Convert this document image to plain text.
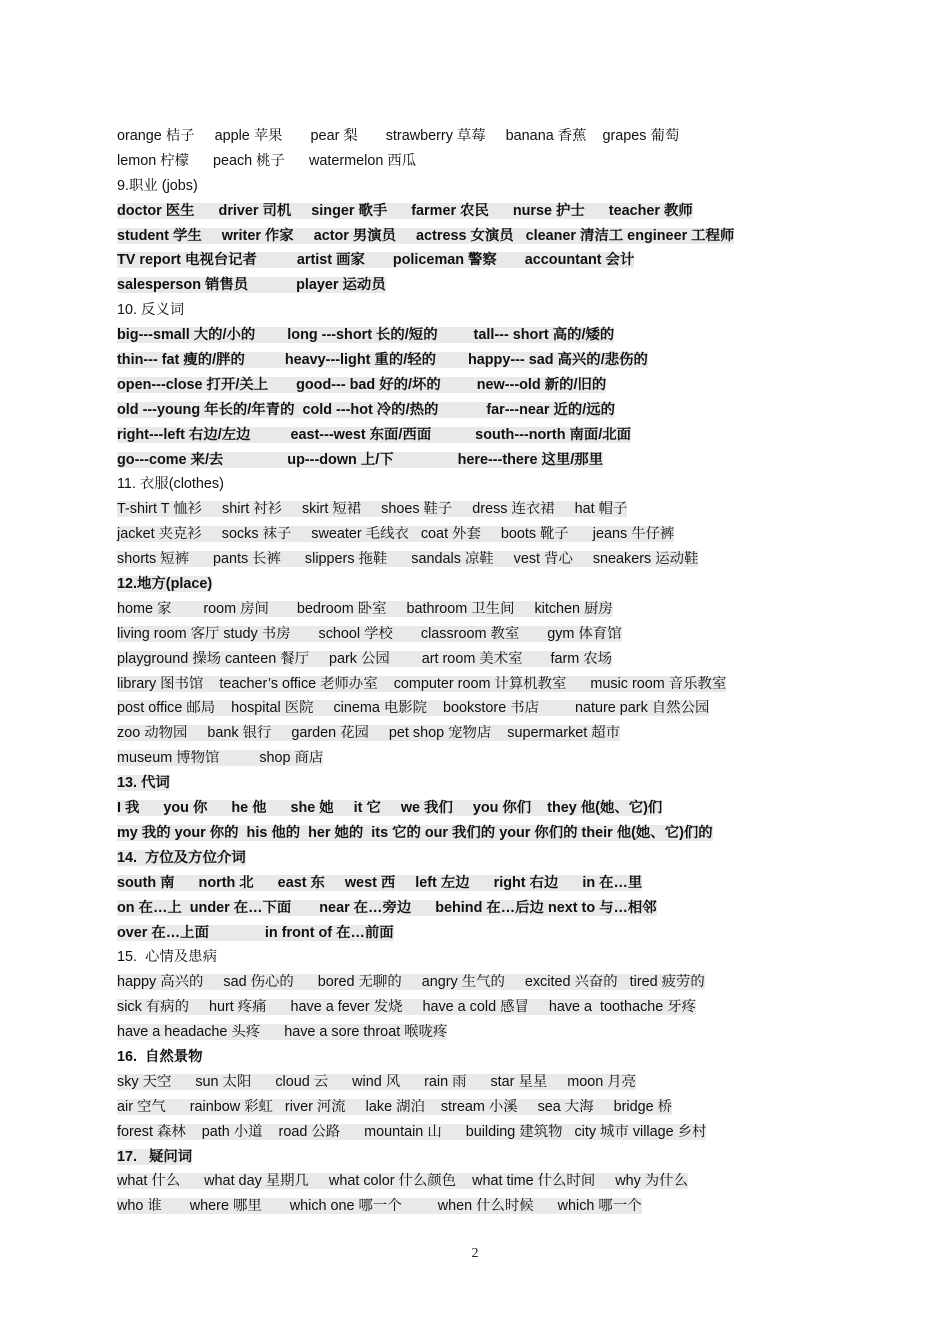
orange 桔子     apple 苹果       pear 梨       strawberry 草莓     banana 香蕉    grapes 葡萄
lemon 柠檬      peach 桃子      watermelon 西瓜
9.职业 (jobs)
doctor 医生      driver 司机     singer 歌手      farmer 农民      nurse 护士      teacher 教师
student 学生     writer 作家     actor 男演员     actress 女演员   cleaner 清洁工 engineer 工程师
TV report 电视台记者          artist 画家       policeman 警察       accountant 会计
salesperson 销售员            player 运动员
10. 反义词
big---small 大的/小的        long ---short 长的/短的         tall--- short 高的/矮的
thin--- fat 瘦的/胖的          heavy---light 重的/轻的        happy--- sad 高兴的/悲伤的
open---close 打开/关上       good--- bad 好的/坏的         new---old 新的/旧的
old ---young 年长的/年青的  cold ---hot 冷的/热的            far---near 近的/远的
right---left 右边/左边          east---west 东面/西面           south---north 南面/北面
go---come 来/去                up---down 上/下                here---there 这里/那里
11. 衣服(clothes)
T-shirt T 恤衫     shirt 衬衫     skirt 短裙     shoes 鞋子     dress 连衣裙     hat 帽子
jacket 夹克衫     socks 袜子     sweater 毛线衣   coat 外套     boots 靴子      jeans 牛仔裤
shorts 短裤      pants 长裤      slippers 拖鞋      sandals 凉鞋     vest 背心     sneakers 运动鞋
12.地方(place)
home 家        room 房间       bedroom 卧室     bathroom 卫生间     kitchen 厨房
living room 客厅 study 书房       school 学校       classroom 教室       gym 体育馆
playground 操场 canteen 餐厅     park 公园        art room 美术室       farm 农场
library 图书馆    teacher’s office 老师办室    computer room 计算机教室      music room 音乐教室
post office 邮局    hospital 医院     cinema 电影院    bookstore 书店         nature park 自然公园
zoo 动物园     bank 银行     garden 花园     pet shop 宠物店    supermarket 超市
museum 博物馆          shop 商店
13. 代词
I 我      you 你      he 他      she 她     it 它     we 我们     you 你们    they 他(她、它)们
my 我的 your 你的  his 他的  her 她的  its 它的 our 我们的 your 你们的 their 他(她、它)们的
14.  方位及方位介词
south 南      north 北      east 东     west 西     left 左边      right 右边      in 在…里
on 在…上  under 在…下面       near 在…旁边      behind 在…后边 next to 与…相邻
over 在…上面              in front of 在…前面
15.  心情及患病
happy 高兴的     sad 伤心的      bored 无聊的     angry 生气的     excited 兴奋的   tired 疲劳的
sick 有病的     hurt 疼痛      have a fever 发烧     have a cold 感冒     have a  toothache 牙疼
have a headache 头疼      have a sore throat 喉咙疼
16.  自然景物
sky 天空      sun 太阳      cloud 云      wind 风      rain 雨      star 星星     moon 月亮
air 空气      rainbow 彩虹   river 河流     lake 湖泊    stream 小溪     sea 大海     bridge 桥
forest 森林    path 小道    road 公路      mountain 山      building 建筑物   city 城市 village 乡村
17.   疑问词
what 什么      what day 星期几     what color 什么颜色    what time 什么时间     why 为什么
who 谁       where 哪里       which one 哪一个         when 什么时候      which 哪一个
2
